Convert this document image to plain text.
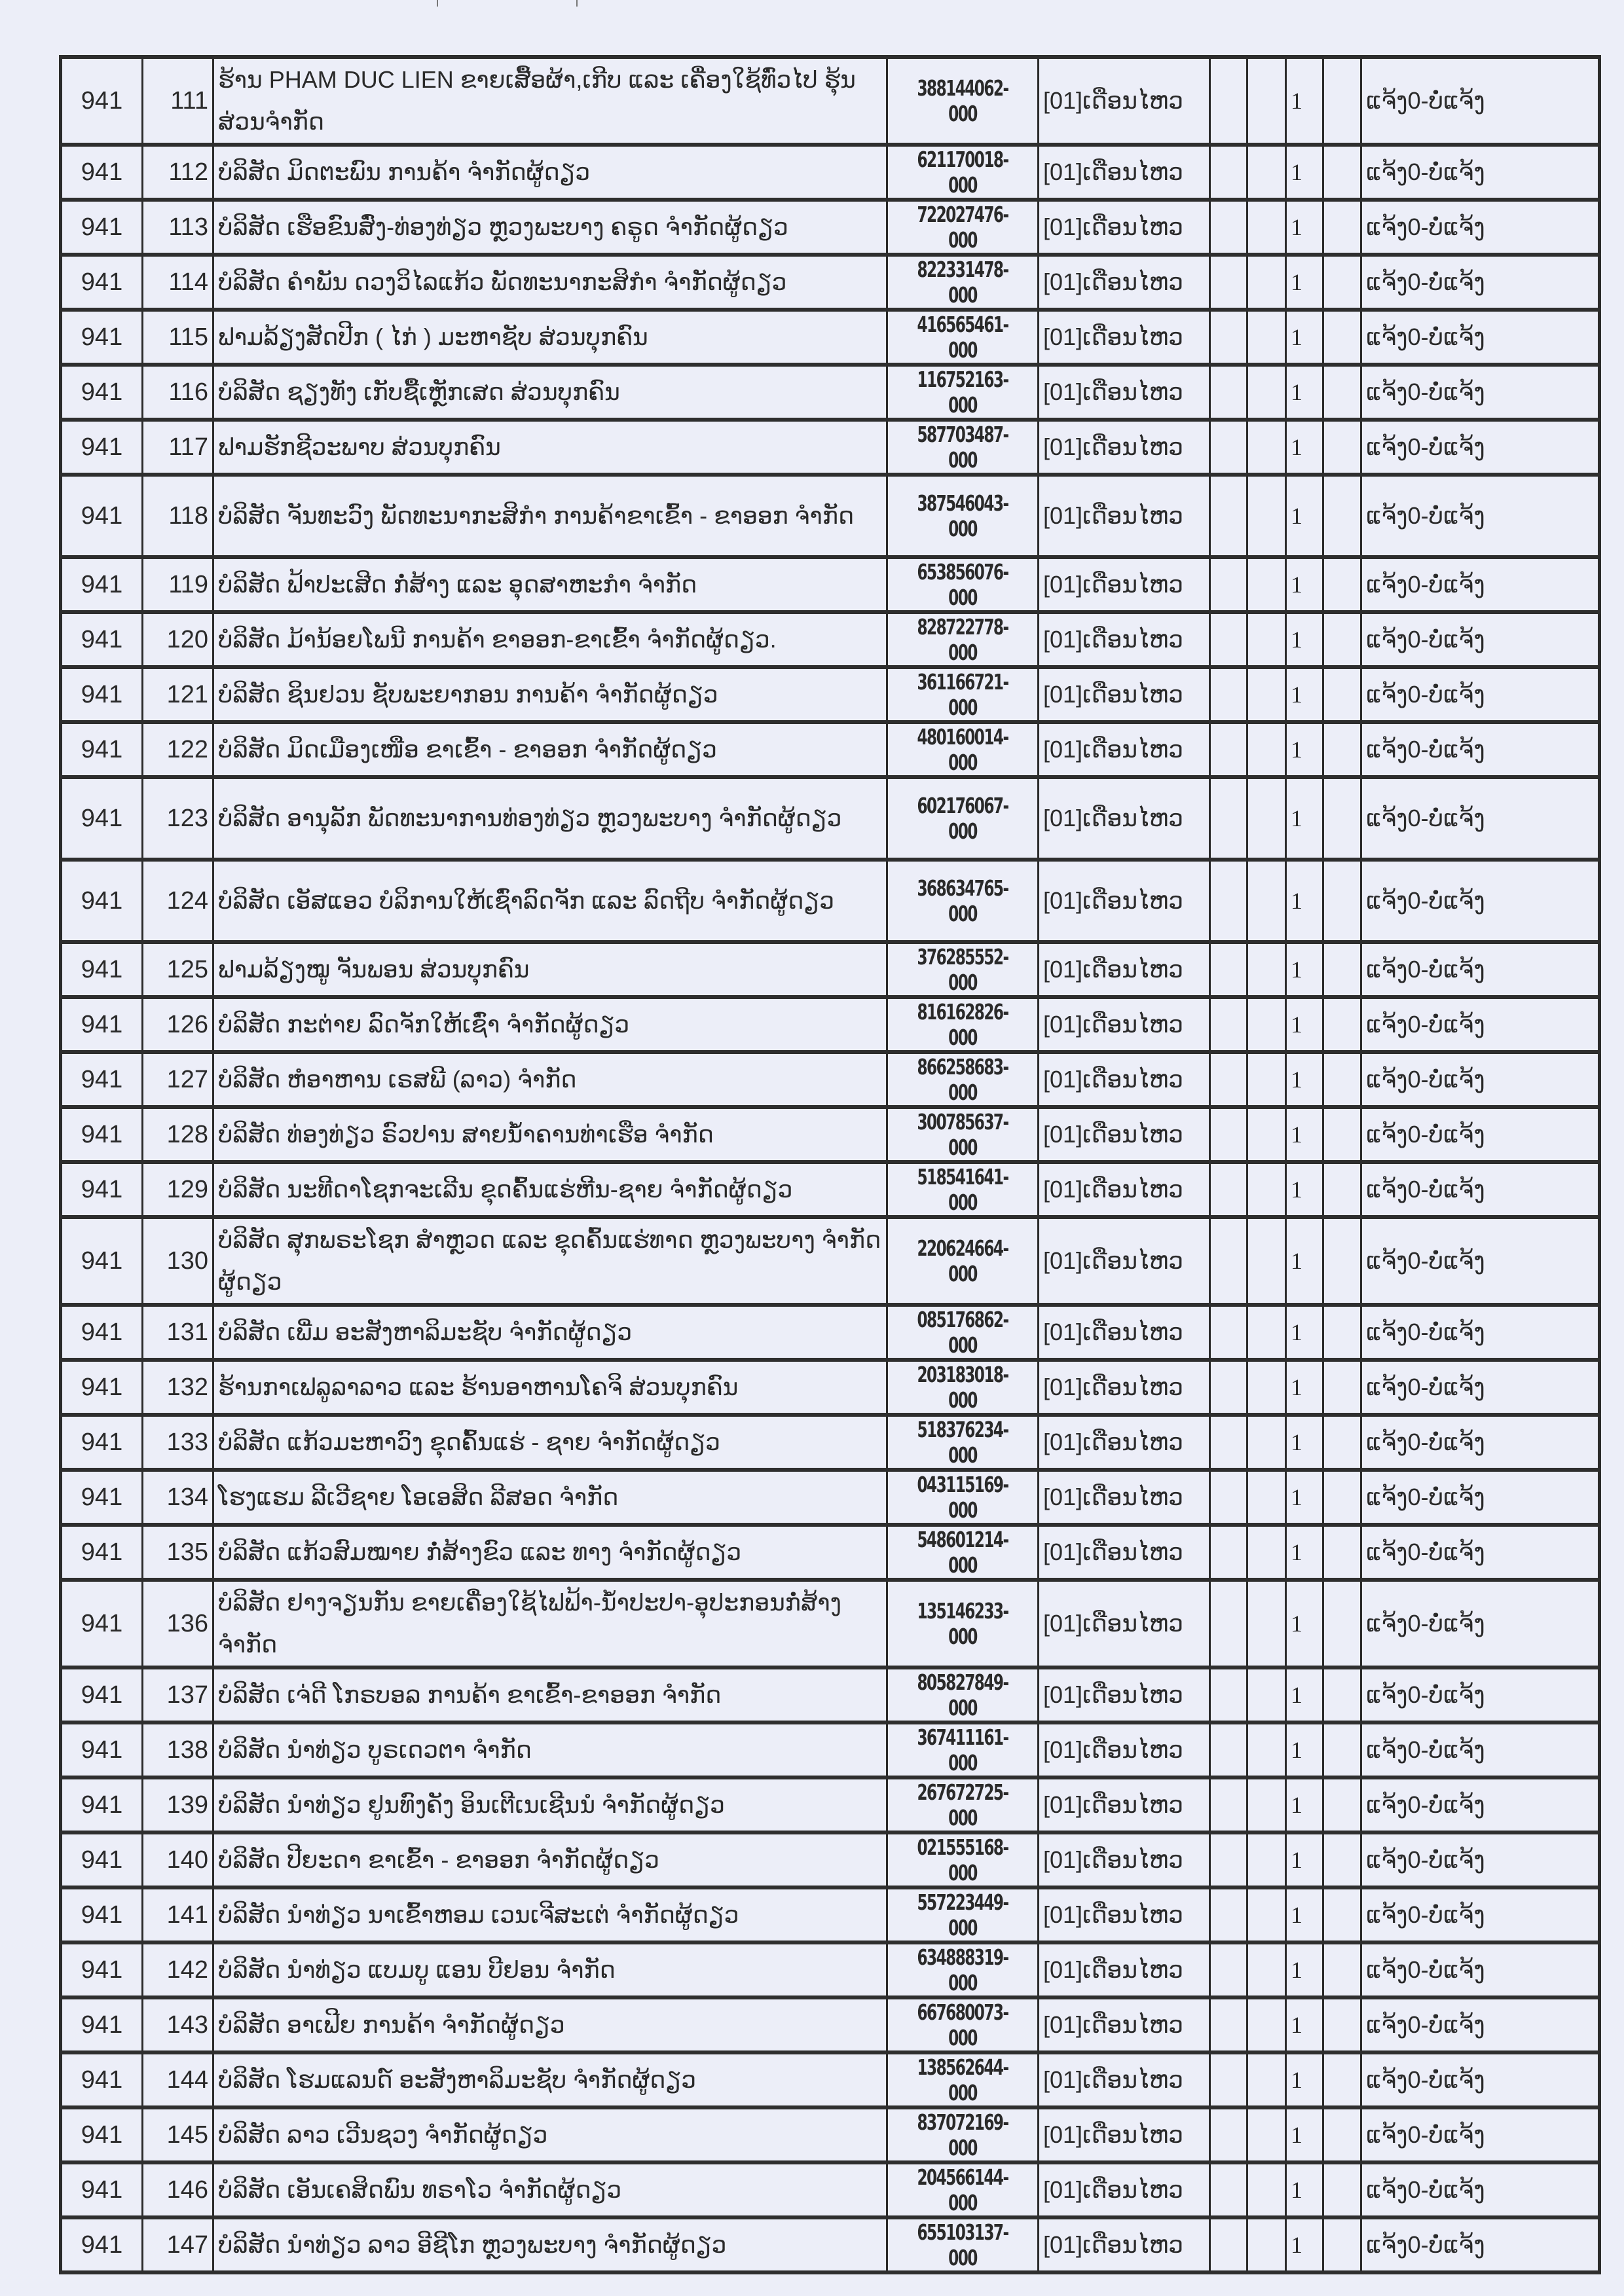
941	111	ຮ້ານ PHAM DUC LIEN ຂາຍເສື້ອຜ້າ,ເກີບ ແລະ ເຄື່ອງໃຊ້ທົ່ວໄປ ຮຸ້ນສ່ວນຈຳກັດ	388144062-000	[01]ເດືອນໄຫວ			1		ແຈ້ງ0-ບໍ່ແຈ້ງ
941	112	ບໍລິສັດ ມິດຕະພົນ ການຄ້າ ຈຳກັດຜູ້ດຽວ	621170018-000	[01]ເດືອນໄຫວ			1		ແຈ້ງ0-ບໍ່ແຈ້ງ
941	113	ບໍລິສັດ ເຮືອຂົນສົ່ງ-ທ່ອງທ່ຽວ ຫຼວງພະບາງ ຄຣູດ ຈຳກັດຜູ້ດຽວ	722027476-000	[01]ເດືອນໄຫວ			1		ແຈ້ງ0-ບໍ່ແຈ້ງ
941	114	ບໍລິສັດ ຄຳພັນ ດວງວິໄລແກ້ວ ພັດທະນາກະສິກຳ ຈຳກັດຜູ້ດຽວ	822331478-000	[01]ເດືອນໄຫວ			1		ແຈ້ງ0-ບໍ່ແຈ້ງ
941	115	ຟາມລ້ຽງສັດປີກ ( ໄກ່ ) ມະຫາຊັບ ສ່ວນບຸກຄົນ	416565461-000	[01]ເດືອນໄຫວ			1		ແຈ້ງ0-ບໍ່ແຈ້ງ
941	116	ບໍລິສັດ ຊຽງທັງ ເກັບຊື້ເຫຼັກເສດ ສ່ວນບຸກຄົນ	116752163-000	[01]ເດືອນໄຫວ			1		ແຈ້ງ0-ບໍ່ແຈ້ງ
941	117	ຟາມຮັກຊີວະພາບ ສ່ວນບຸກຄົນ	587703487-000	[01]ເດືອນໄຫວ			1		ແຈ້ງ0-ບໍ່ແຈ້ງ
941	118	ບໍລິສັດ ຈັນທະວົງ ພັດທະນາກະສິກຳ ການຄ້າຂາເຂົ້າ - ຂາອອກ ຈຳກັດ	387546043-000	[01]ເດືອນໄຫວ			1		ແຈ້ງ0-ບໍ່ແຈ້ງ
941	119	ບໍລິສັດ ຟ້າປະເສີດ ກໍ່ສ້າງ ແລະ ອຸດສາຫະກຳ ຈຳກັດ	653856076-000	[01]ເດືອນໄຫວ			1		ແຈ້ງ0-ບໍ່ແຈ້ງ
941	120	ບໍລິສັດ ມ້ານ້ອຍໂພນີ ການຄ້າ ຂາອອກ-ຂາເຂົ້າ ຈຳກັດຜູ້ດຽວ.	828722778-000	[01]ເດືອນໄຫວ			1		ແຈ້ງ0-ບໍ່ແຈ້ງ
941	121	ບໍລິສັດ ຊິນຢວນ ຊັບພະຍາກອນ ການຄ້າ ຈຳກັດຜູ້ດຽວ	361166721-000	[01]ເດືອນໄຫວ			1		ແຈ້ງ0-ບໍ່ແຈ້ງ
941	122	ບໍລິສັດ ມິດເມືອງເໜືອ ຂາເຂົ້າ - ຂາອອກ ຈຳກັດຜູ້ດຽວ	480160014-000	[01]ເດືອນໄຫວ			1		ແຈ້ງ0-ບໍ່ແຈ້ງ
941	123	ບໍລິສັດ ອານຸລັກ ພັດທະນາການທ່ອງທ່ຽວ ຫຼວງພະບາງ ຈຳກັດຜູ້ດຽວ	602176067-000	[01]ເດືອນໄຫວ			1		ແຈ້ງ0-ບໍ່ແຈ້ງ
941	124	ບໍລິສັດ ເອັສແອວ ບໍລິການໃຫ້ເຊົ່າລົດຈັກ ແລະ ລົດຖີບ ຈຳກັດຜູ້ດຽວ	368634765-000	[01]ເດືອນໄຫວ			1		ແຈ້ງ0-ບໍ່ແຈ້ງ
941	125	ຟາມລ້ຽງໝູ ຈັນພອນ ສ່ວນບຸກຄົນ	376285552-000	[01]ເດືອນໄຫວ			1		ແຈ້ງ0-ບໍ່ແຈ້ງ
941	126	ບໍລິສັດ ກະຕ່າຍ ລົດຈັກໃຫ້ເຊົ່າ ຈຳກັດຜູ້ດຽວ	816162826-000	[01]ເດືອນໄຫວ			1		ແຈ້ງ0-ບໍ່ແຈ້ງ
941	127	ບໍລິສັດ ຫໍອາຫານ ເຣສພີ (ລາວ) ຈຳກັດ	866258683-000	[01]ເດືອນໄຫວ			1		ແຈ້ງ0-ບໍ່ແຈ້ງ
941	128	ບໍລິສັດ ທ່ອງທ່ຽວ ຣົວປານ ສາຍນ້ຳຄານທ່າເຮືອ ຈຳກັດ	300785637-000	[01]ເດືອນໄຫວ			1		ແຈ້ງ0-ບໍ່ແຈ້ງ
941	129	ບໍລິສັດ ນະທີດາໂຊກຈະເລີນ ຂຸດຄົ້ນແຮ່ຫີນ-ຊາຍ ຈຳກັດຜູ້ດຽວ	518541641-000	[01]ເດືອນໄຫວ			1		ແຈ້ງ0-ບໍ່ແຈ້ງ
941	130	ບໍລິສັດ ສຸກພຣະໂຊກ ສຳຫຼວດ ແລະ ຂຸດຄົ້ນແຮ່ທາດ ຫຼວງພະບາງ ຈຳກັດຜູ້ດຽວ	220624664-000	[01]ເດືອນໄຫວ			1		ແຈ້ງ0-ບໍ່ແຈ້ງ
941	131	ບໍລິສັດ ເພີ່ມ ອະສັງຫາລິມະຊັບ ຈຳກັດຜູ້ດຽວ	085176862-000	[01]ເດືອນໄຫວ			1		ແຈ້ງ0-ບໍ່ແຈ້ງ
941	132	ຮ້ານກາເຟລູລາລາວ ແລະ ຮ້ານອາຫານໂຄຈິ ສ່ວນບຸກຄົນ	203183018-000	[01]ເດືອນໄຫວ			1		ແຈ້ງ0-ບໍ່ແຈ້ງ
941	133	ບໍລິສັດ ແກ້ວມະຫາວົງ ຂຸດຄົ້ນແຮ່ - ຊາຍ ຈຳກັດຜູ້ດຽວ	518376234-000	[01]ເດືອນໄຫວ			1		ແຈ້ງ0-ບໍ່ແຈ້ງ
941	134	ໂຮງແຮມ ລີເວີຊາຍ ໂອເອສິດ ລີສອດ ຈຳກັດ	043115169-000	[01]ເດືອນໄຫວ			1		ແຈ້ງ0-ບໍ່ແຈ້ງ
941	135	ບໍລິສັດ ແກ້ວສົມໝາຍ ກໍ່ສ້າງຂົວ ແລະ ທາງ ຈຳກັດຜູ້ດຽວ	548601214-000	[01]ເດືອນໄຫວ			1		ແຈ້ງ0-ບໍ່ແຈ້ງ
941	136	ບໍລິສັດ ຢາງຈຽນກັນ ຂາຍເຄື່ອງໃຊ້ໄຟຟ້າ-ນ້ຳປະປາ-ອຸປະກອນກໍ່ສ້າງ ຈຳກັດ	135146233-000	[01]ເດືອນໄຫວ			1		ແຈ້ງ0-ບໍ່ແຈ້ງ
941	137	ບໍລິສັດ ເຈ່ດີ ໂກຣບອລ ການຄ້າ ຂາເຂົ້າ-ຂາອອກ ຈຳກັດ	805827849-000	[01]ເດືອນໄຫວ			1		ແຈ້ງ0-ບໍ່ແຈ້ງ
941	138	ບໍລິສັດ ນຳທ່ຽວ ບູຣເດວຕາ ຈຳກັດ	367411161-000	[01]ເດືອນໄຫວ			1		ແຈ້ງ0-ບໍ່ແຈ້ງ
941	139	ບໍລິສັດ ນຳທ່ຽວ ຢູນທົງຄັງ ອິນເຕີເນເຊີນນໍ ຈຳກັດຜູ້ດຽວ	267672725-000	[01]ເດືອນໄຫວ			1		ແຈ້ງ0-ບໍ່ແຈ້ງ
941	140	ບໍລິສັດ ປີຍະດາ ຂາເຂົ້າ - ຂາອອກ ຈຳກັດຜູ້ດຽວ	021555168-000	[01]ເດືອນໄຫວ			1		ແຈ້ງ0-ບໍ່ແຈ້ງ
941	141	ບໍລິສັດ ນຳທ່ຽວ ນາເຂົ້າຫອມ ເວນເຈີສະເຕ່ ຈຳກັດຜູ້ດຽວ	557223449-000	[01]ເດືອນໄຫວ			1		ແຈ້ງ0-ບໍ່ແຈ້ງ
941	142	ບໍລິສັດ ນຳທ່ຽວ ແບມບູ ແອນ ບີຢອນ ຈຳກັດ	634888319-000	[01]ເດືອນໄຫວ			1		ແຈ້ງ0-ບໍ່ແຈ້ງ
941	143	ບໍລິສັດ ອາເຟີຍ ການຄ້າ ຈຳກັດຜູ້ດຽວ	667680073-000	[01]ເດືອນໄຫວ			1		ແຈ້ງ0-ບໍ່ແຈ້ງ
941	144	ບໍລິສັດ ໂຮມແລນດ໌ ອະສັງຫາລິມະຊັບ ຈຳກັດຜູ້ດຽວ	138562644-000	[01]ເດືອນໄຫວ			1		ແຈ້ງ0-ບໍ່ແຈ້ງ
941	145	ບໍລິສັດ ລາວ ເວີນຊວງ ຈຳກັດຜູ້ດຽວ	837072169-000	[01]ເດືອນໄຫວ			1		ແຈ້ງ0-ບໍ່ແຈ້ງ
941	146	ບໍລິສັດ ເອັນເຄສິດພົນ ທຣາໂວ ຈຳກັດຜູ້ດຽວ	204566144-000	[01]ເດືອນໄຫວ			1		ແຈ້ງ0-ບໍ່ແຈ້ງ
941	147	ບໍລິສັດ ນຳທ່ຽວ ລາວ ອີຊີໂກ ຫຼວງພະບາງ ຈຳກັດຜູ້ດຽວ	655103137-000	[01]ເດືອນໄຫວ			1		ແຈ້ງ0-ບໍ່ແຈ້ງ
